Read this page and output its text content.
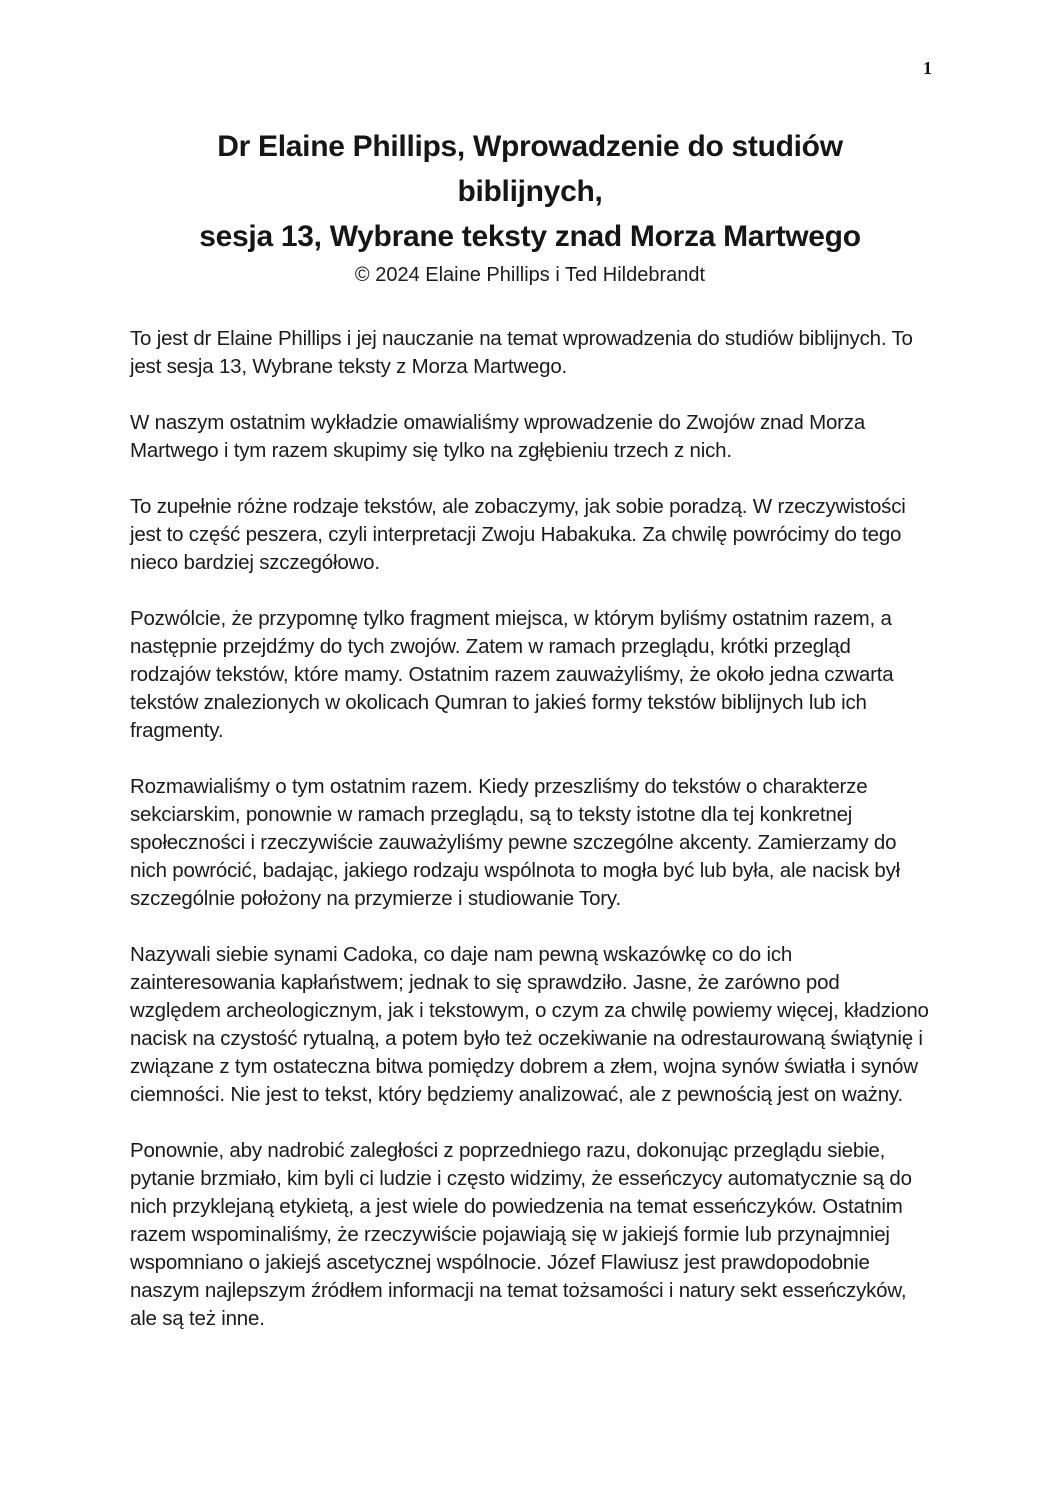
1
Dr Elaine Phillips, Wprowadzenie do studiów
biblijnych,
sesja 13, Wybrane teksty znad Morza Martwego
© 2024 Elaine Phillips i Ted Hildebrandt

To jest dr Elaine Phillips i jej nauczanie na temat wprowadzenia do studiów biblijnych. To jest sesja 13, Wybrane teksty z Morza Martwego.

W naszym ostatnim wykładzie omawialiśmy wprowadzenie do Zwojów znad Morza Martwego i tym razem skupimy się tylko na zgłębieniu trzech z nich.

To zupełnie różne rodzaje tekstów, ale zobaczymy, jak sobie poradzą. W rzeczywistości jest to część peszera, czyli interpretacji Zwoju Habakuka. Za chwilę powrócimy do tego nieco bardziej szczegółowo.

Pozwólcie, że przypomnę tylko fragment miejsca, w którym byliśmy ostatnim razem, a następnie przejdźmy do tych zwojów. Zatem w ramach przeglądu, krótki przegląd rodzajów tekstów, które mamy. Ostatnim razem zauważyliśmy, że około jedna czwarta tekstów znalezionych w okolicach Qumran to jakieś formy tekstów biblijnych lub ich fragmenty.

Rozmawialiśmy o tym ostatnim razem. Kiedy przeszliśmy do tekstów o charakterze sekciarskim, ponownie w ramach przeglądu, są to teksty istotne dla tej konkretnej społeczności i rzeczywiście zauważyliśmy pewne szczególne akcenty. Zamierzamy do nich powrócić, badając, jakiego rodzaju wspólnota to mogła być lub była, ale nacisk był szczególnie położony na przymierze i studiowanie Tory.

Nazywali siebie synami Cadoka, co daje nam pewną wskazówkę co do ich zainteresowania kapłaństwem; jednak to się sprawdziło. Jasne, że zarówno pod względem archeologicznym, jak i tekstowym, o czym za chwilę powiemy więcej, kładziono nacisk na czystość rytualną, a potem było też oczekiwanie na odrestaurowaną świątynię i związane z tym ostateczna bitwa pomiędzy dobrem a złem, wojna synów światła i synów ciemności. Nie jest to tekst, który będziemy analizować, ale z pewnością jest on ważny.

Ponownie, aby nadrobić zaległości z poprzedniego razu, dokonując przeglądu siebie, pytanie brzmiało, kim byli ci ludzie i często widzimy, że esseńczycy automatycznie są do nich przyklejaną etykietą, a jest wiele do powiedzenia na temat esseńczyków. Ostatnim razem wspominaliśmy, że rzeczywiście pojawiają się w jakiejś formie lub przynajmniej wspomniano o jakiejś ascetycznej wspólnocie. Józef Flawiusz jest prawdopodobnie naszym najlepszym źródłem informacji na temat tożsamości i natury sekt esseńczyków, ale są też inne.
